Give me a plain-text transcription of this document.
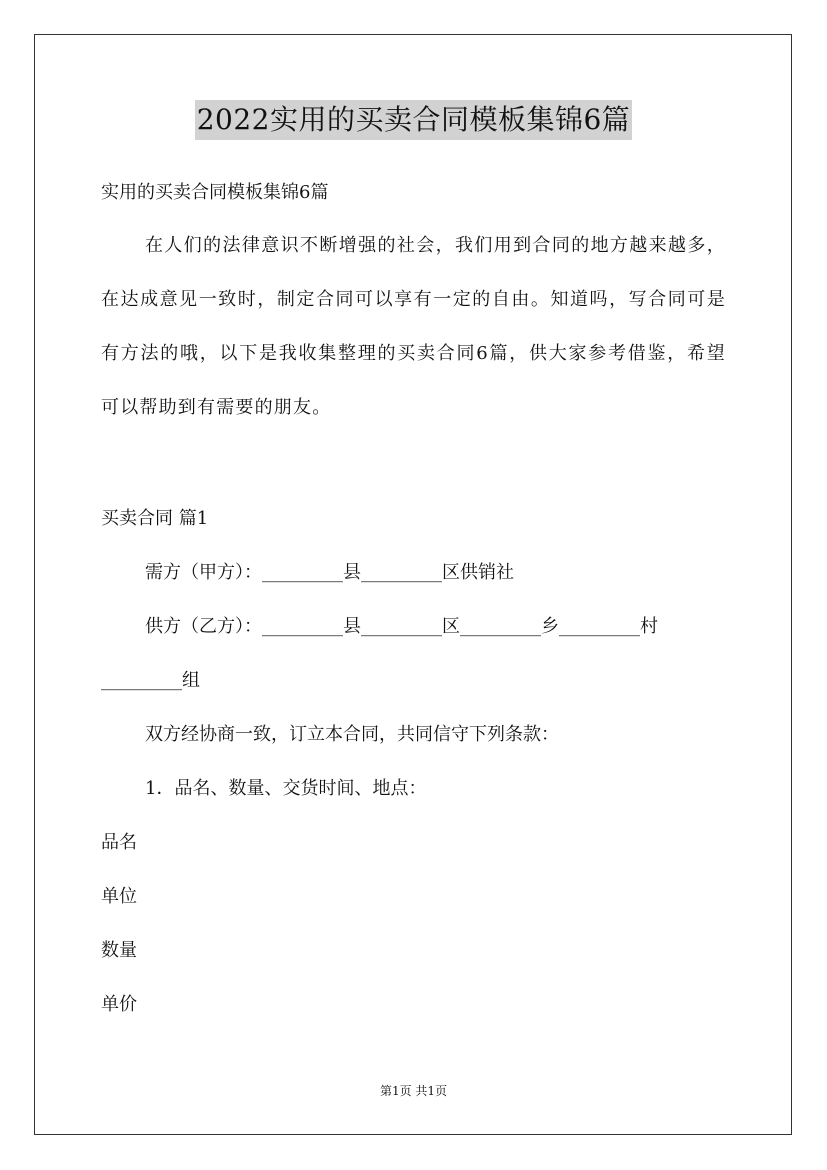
2022实用的买卖合同模板集锦6篇
实用的买卖合同模板集锦6篇
在人们的法律意识不断增强的社会，我们用到合同的地方越来越多，在达成意见一致时，制定合同可以享有一定的自由。知道吗，写合同可是有方法的哦，以下是我收集整理的买卖合同6篇，供大家参考借鉴，希望可以帮助到有需要的朋友。
买卖合同 篇1
需方（甲方）：_________县_________区供销社
供方（乙方）：_________县_________区_________乡_________村
_________组
双方经协商一致，订立本合同，共同信守下列条款：
1．品名、数量、交货时间、地点：
品名
单位
数量
单价
第1页 共1页
